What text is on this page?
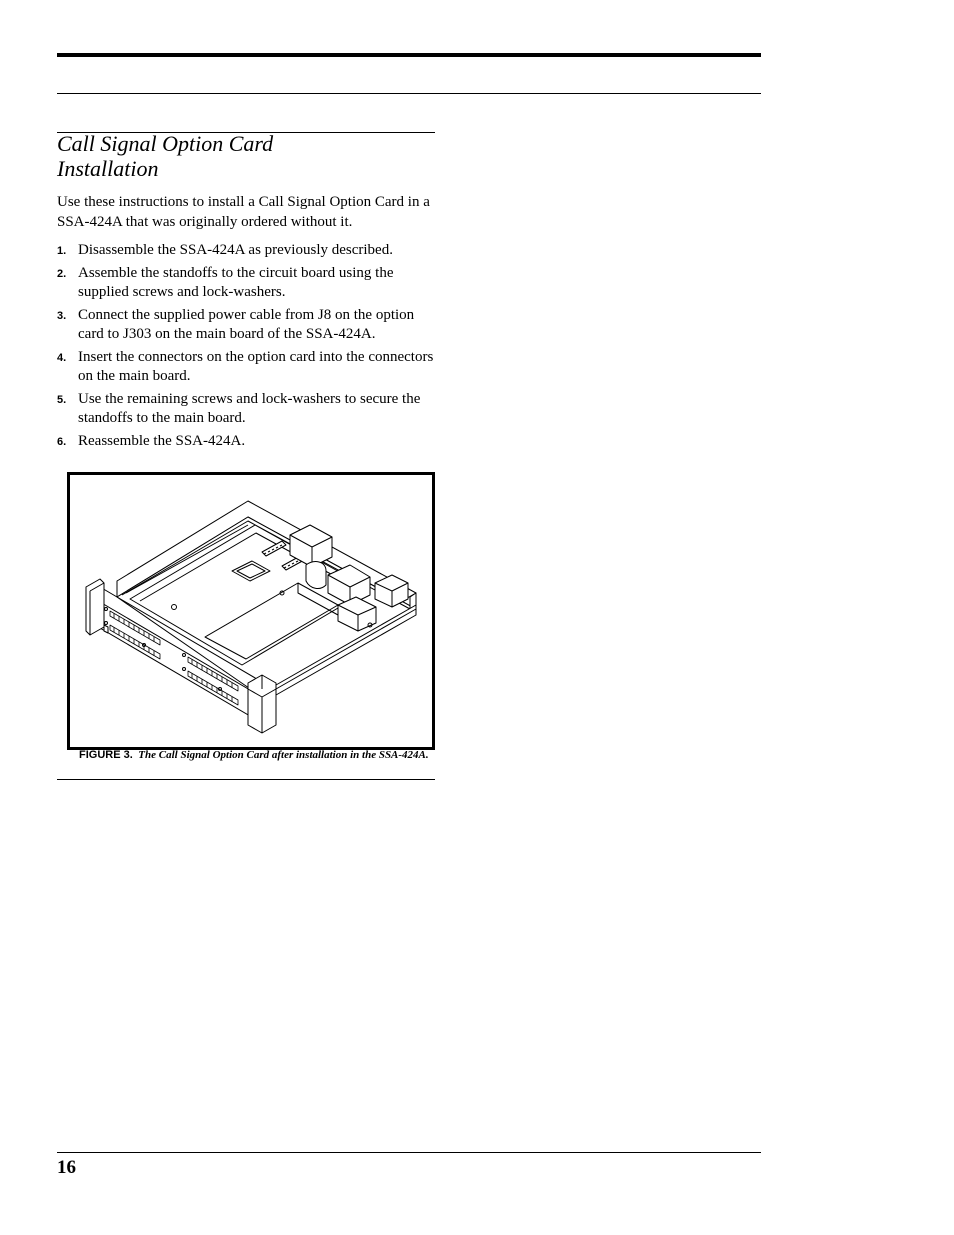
Call Signal Option Card Installation

Use these instructions to install a Call Signal Option Card in a SSA-424A that was originally ordered without it.

1. Disassemble the SSA-424A as previously described.
2. Assemble the standoffs to the circuit board using the supplied screws and lock-washers.
3. Connect the supplied power cable from J8 on the option card to J303 on the main board of the SSA-424A.
4. Insert the connectors on the option card into the connectors on the main board.
5. Use the remaining screws and lock-washers to secure the standoffs to the main board.
6. Reassemble the SSA-424A.

FIGURE 3. The Call Signal Option Card after installation in the SSA-424A.

16
